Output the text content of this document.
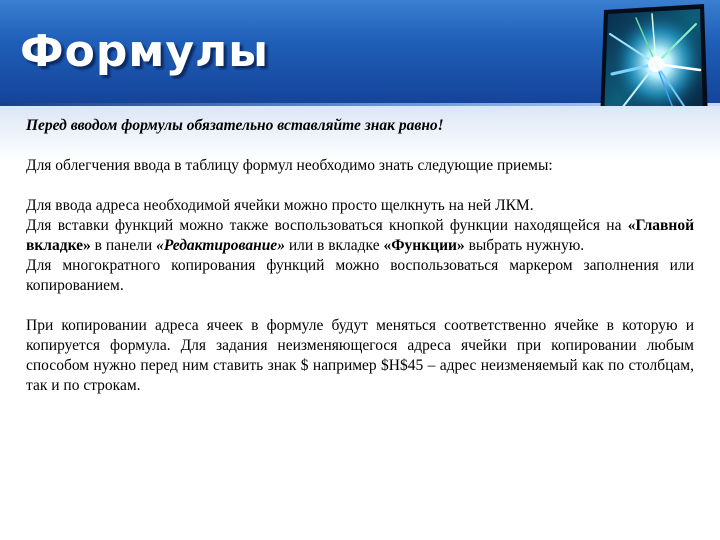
Формулы

Перед вводом формулы обязательно вставляйте знак равно!

Для облегчения ввода в таблицу формул необходимо знать следующие приемы:

Для ввода адреса необходимой ячейки можно просто щелкнуть на ней ЛКМ.

Для вставки функций можно также воспользоваться кнопкой функции находящейся на «Главной вкладке» в панели «Редактирование» или в вкладке «Функции» выбрать нужную.

Для многократного копирования функций можно воспользоваться маркером заполнения или копированием.

При копировании адреса ячеек в формуле будут меняться соответственно ячейке в которую и копируется формула. Для задания неизменяющегося адреса ячейки при копировании любым способом нужно перед ним ставить знак $ например $H$45 – адрес неизменяемый как по столбцам, так и по строкам.
